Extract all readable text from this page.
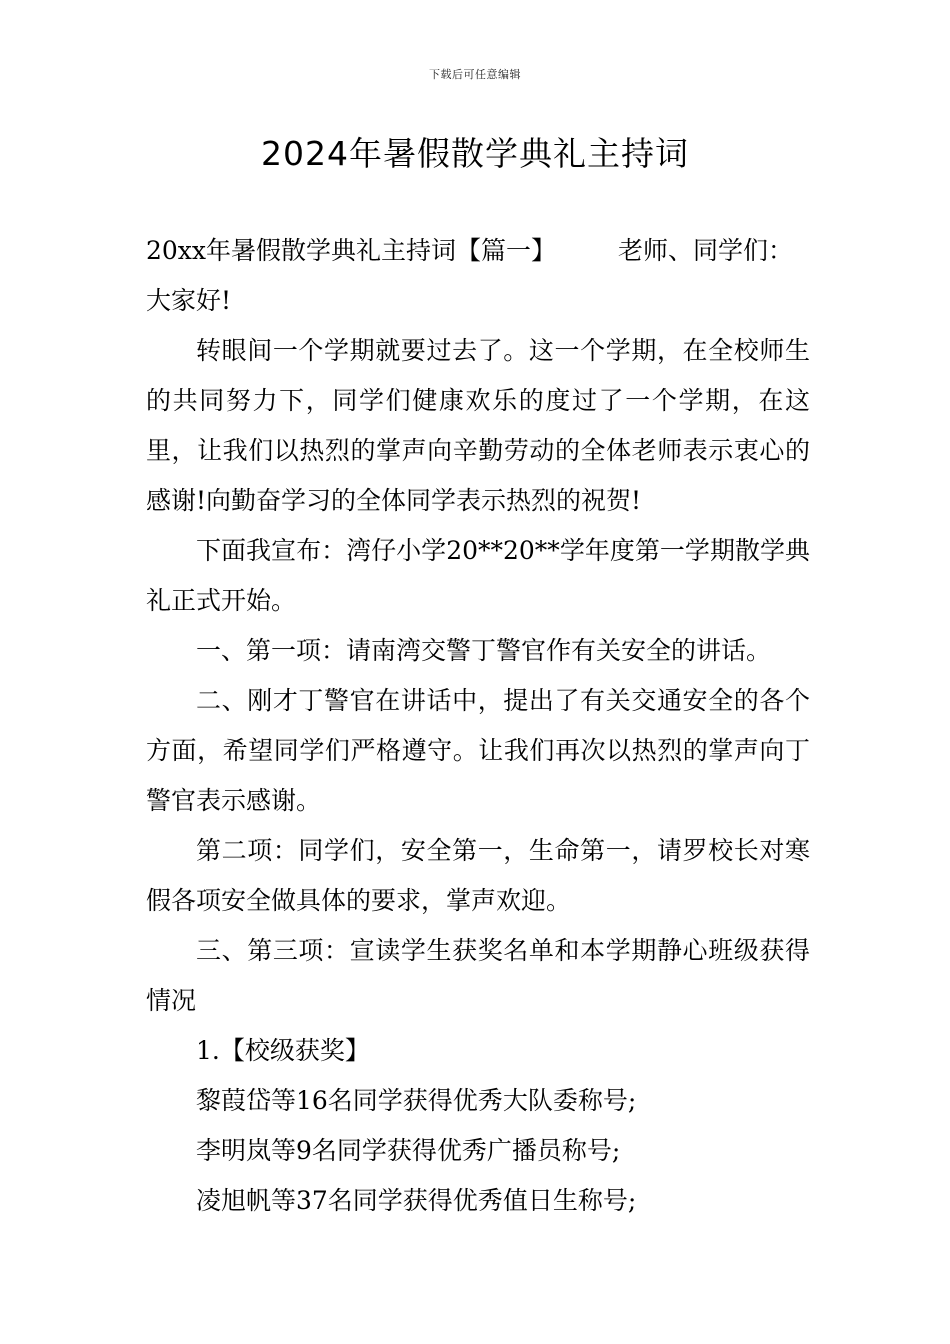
下载后可任意编辑
2024年暑假散学典礼主持词

20xx年暑假散学典礼主持词【篇一】 老师、同学们：

大家好!

转眼间一个学期就要过去了。这一个学期，在全校师生的共同努力下，同学们健康欢乐的度过了一个学期，在这里，让我们以热烈的掌声向辛勤劳动的全体老师表示衷心的感谢!向勤奋学习的全体同学表示热烈的祝贺!

下面我宣布：湾仔小学20**20**学年度第一学期散学典礼正式开始。

一、第一项：请南湾交警丁警官作有关安全的讲话。

二、刚才丁警官在讲话中，提出了有关交通安全的各个方面，希望同学们严格遵守。让我们再次以热烈的掌声向丁警官表示感谢。

第二项：同学们，安全第一，生命第一，请罗校长对寒假各项安全做具体的要求，掌声欢迎。

三、第三项：宣读学生获奖名单和本学期静心班级获得情况

1.【校级获奖】

黎葭岱等16名同学获得优秀大队委称号;

李明岚等9名同学获得优秀广播员称号;

凌旭帆等37名同学获得优秀值日生称号;
